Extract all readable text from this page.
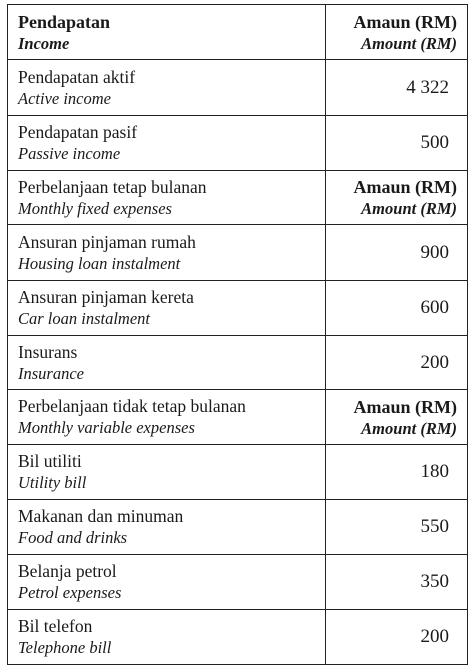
Pendapatan
Income	Amaun (RM)
Amount (RM)

Pendapatan aktif
Active income	4 322

Pendapatan pasif
Passive income	500

Perbelanjaan tetap bulanan
Monthly fixed expenses	Amaun (RM)
Amount (RM)

Ansuran pinjaman rumah
Housing loan instalment	900

Ansuran pinjaman kereta
Car loan instalment	600

Insurans
Insurance	200

Perbelanjaan tidak tetap bulanan
Monthly variable expenses	Amaun (RM)
Amount (RM)

Bil utiliti
Utility bill	180

Makanan dan minuman
Food and drinks	550

Belanja petrol
Petrol expenses	350

Bil telefon
Telephone bill	200
